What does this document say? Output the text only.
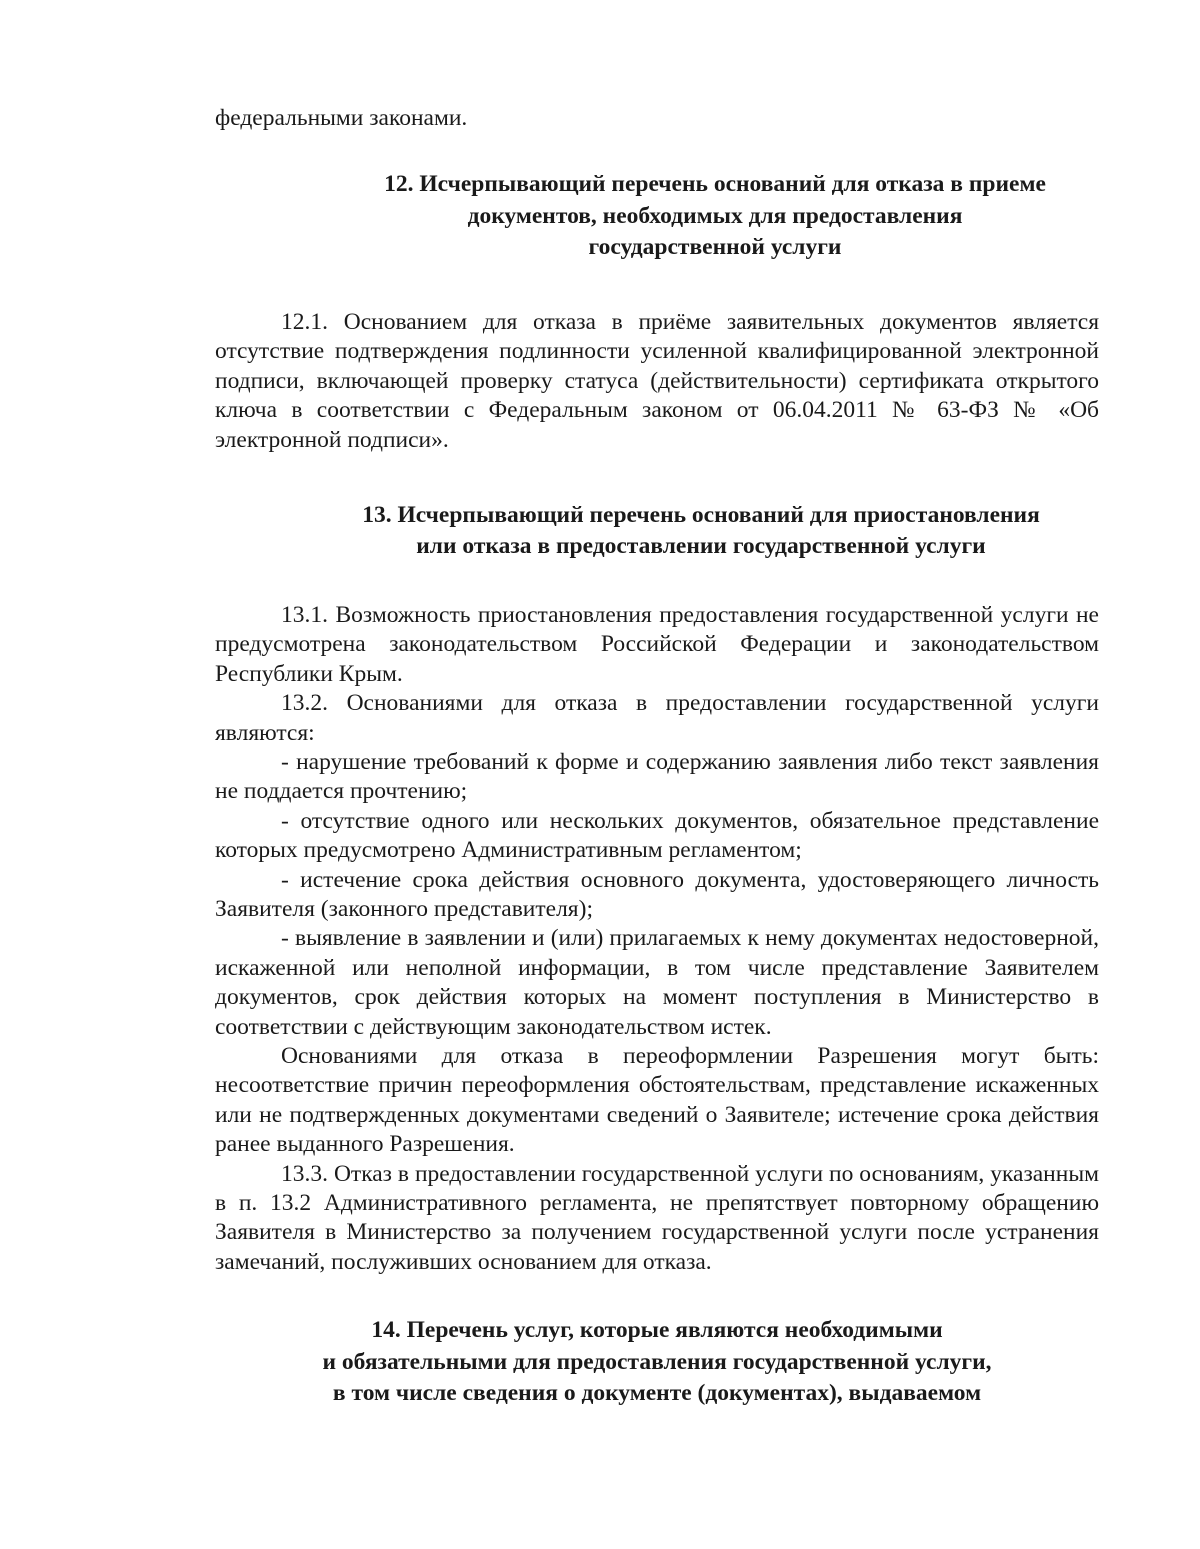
федеральными законами.

12. Исчерпывающий перечень оснований для отказа в приеме
документов, необходимых для предоставления
государственной услуги

12.1. Основанием для отказа в приёме заявительных документов является отсутствие подтверждения подлинности усиленной квалифицированной электронной подписи, включающей проверку статуса (действительности) сертификата открытого ключа в соответствии с Федеральным законом от 06.04.2011 № 63-ФЗ № «Об электронной подписи».

13. Исчерпывающий перечень оснований для приостановления
или отказа в предоставлении государственной услуги

13.1. Возможность приостановления предоставления государственной услуги не предусмотрена законодательством Российской Федерации и законодательством Республики Крым.

13.2. Основаниями для отказа в предоставлении государственной услуги являются:

- нарушение требований к форме и содержанию заявления либо текст заявления не поддается прочтению;

- отсутствие одного или нескольких документов, обязательное представление которых предусмотрено Административным регламентом;

- истечение срока действия основного документа, удостоверяющего личность Заявителя (законного представителя);

- выявление в заявлении и (или) прилагаемых к нему документах недостоверной, искаженной или неполной информации, в том числе представление Заявителем документов, срок действия которых на момент поступления в Министерство в соответствии с действующим законодательством истек.

Основаниями для отказа в переоформлении Разрешения могут быть: несоответствие причин переоформления обстоятельствам, представление искаженных или не подтвержденных документами сведений о Заявителе; истечение срока действия ранее выданного Разрешения.

13.3. Отказ в предоставлении государственной услуги по основаниям, указанным в п. 13.2 Административного регламента, не препятствует повторному обращению Заявителя в Министерство за получением государственной услуги после устранения замечаний, послуживших основанием для отказа.

14. Перечень услуг, которые являются необходимыми
и обязательными для предоставления государственной услуги,
в том числе сведения о документе (документах), выдаваемом
